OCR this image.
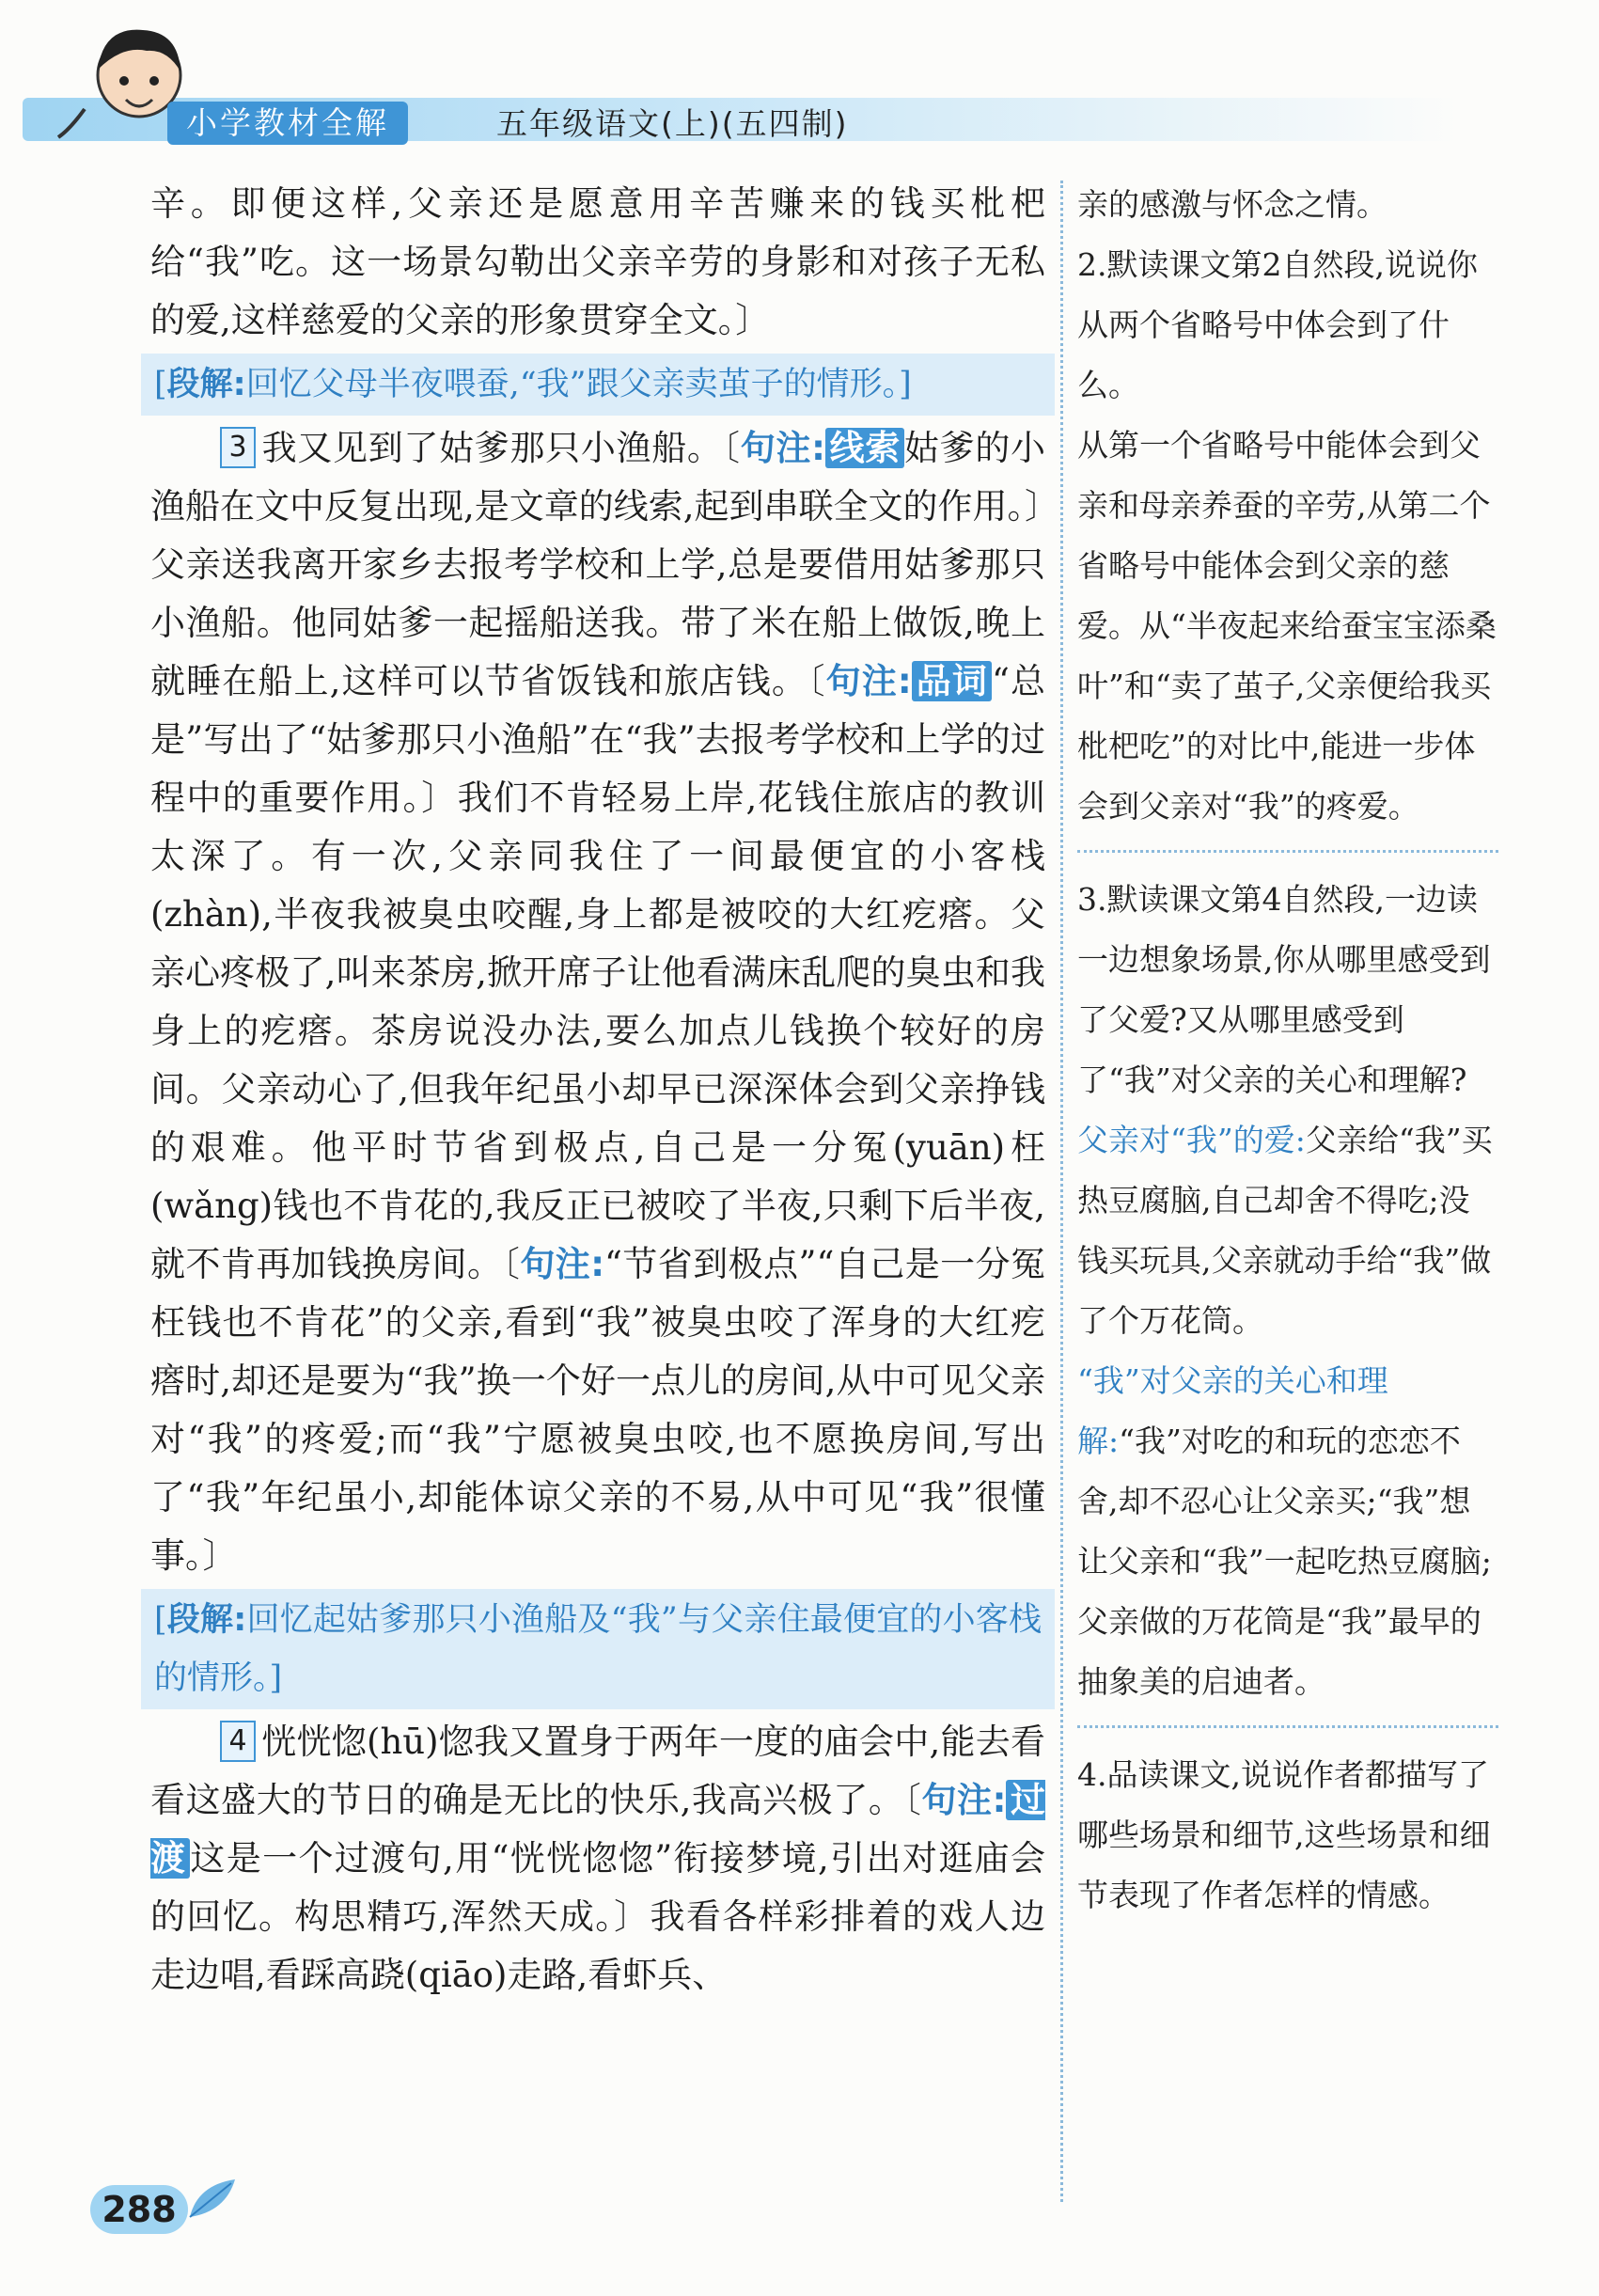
小学教材全解	五年级语文(上)(五四制)

辛。即便这样,父亲还是愿意用辛苦赚来的钱买枇杷给“我”吃。这一场景勾勒出父亲辛劳的身影和对孩子无私的爱,这样慈爱的父亲的形象贯穿全文。〕

[段解:回忆父母半夜喂蚕,“我”跟父亲卖茧子的情形。]

3 我又见到了姑爹那只小渔船。〔句注: 线索 姑爹的小渔船在文中反复出现,是文章的线索,起到串联全文的作用。〕父亲送我离开家乡去报考学校和上学,总是要借用姑爹那只小渔船。他同姑爹一起摇船送我。带了米在船上做饭,晚上就睡在船上,这样可以节省饭钱和旅店钱。〔句注: 品词 “总是”写出了“姑爹那只小渔船”在“我”去报考学校和上学的过程中的重要作用。〕我们不肯轻易上岸,花钱住旅店的教训太深了。有一次,父亲同我住了一间最便宜的小客栈(zhàn),半夜我被臭虫咬醒,身上都是被咬的大红疙瘩。父亲心疼极了,叫来茶房,掀开席子让他看满床乱爬的臭虫和我身上的疙瘩。茶房说没办法,要么加点儿钱换个较好的房间。父亲动心了,但我年纪虽小却早已深深体会到父亲挣钱的艰难。他平时节省到极点,自己是一分冤(yuān)枉(wǎng)钱也不肯花的,我反正已被咬了半夜,只剩下后半夜,就不肯再加钱换房间。〔句注:“节省到极点”“自己是一分冤枉钱也不肯花”的父亲,看到“我”被臭虫咬了浑身的大红疙瘩时,却还是要为“我”换一个好一点儿的房间,从中可见父亲对“我”的疼爱;而“我”宁愿被臭虫咬,也不愿换房间,写出了“我”年纪虽小,却能体谅父亲的不易,从中可见“我”很懂事。〕

[段解:回忆起姑爹那只小渔船及“我”与父亲住最便宜的小客栈的情形。]

4 恍恍惚(hū)惚我又置身于两年一度的庙会中,能去看看这盛大的节日的确是无比的快乐,我高兴极了。〔句注: 过渡 这是一个过渡句,用“恍恍惚惚”衔接梦境,引出对逛庙会的回忆。构思精巧,浑然天成。〕我看各样彩排着的戏人边走边唱,看踩高跷(qiāo)走路,看虾兵、

亲的感激与怀念之情。

2.默读课文第2自然段,说说你从两个省略号中体会到了什么。

从第一个省略号中能体会到父亲和母亲养蚕的辛劳,从第二个省略号中能体会到父亲的慈爱。从“半夜起来给蚕宝宝添桑叶”和“卖了茧子,父亲便给我买枇杷吃”的对比中,能进一步体会到父亲对“我”的疼爱。

3.默读课文第4自然段,一边读一边想象场景,你从哪里感受到了父爱?又从哪里感受到了“我”对父亲的关心和理解?

父亲对“我”的爱:父亲给“我”买热豆腐脑,自己却舍不得吃;没钱买玩具,父亲就动手给“我”做了个万花筒。

“我”对父亲的关心和理解:“我”对吃的和玩的恋恋不舍,却不忍心让父亲买;“我”想让父亲和“我”一起吃热豆腐脑;父亲做的万花筒是“我”最早的抽象美的启迪者。

4.品读课文,说说作者都描写了哪些场景和细节,这些场景和细节表现了作者怎样的情感。

288
